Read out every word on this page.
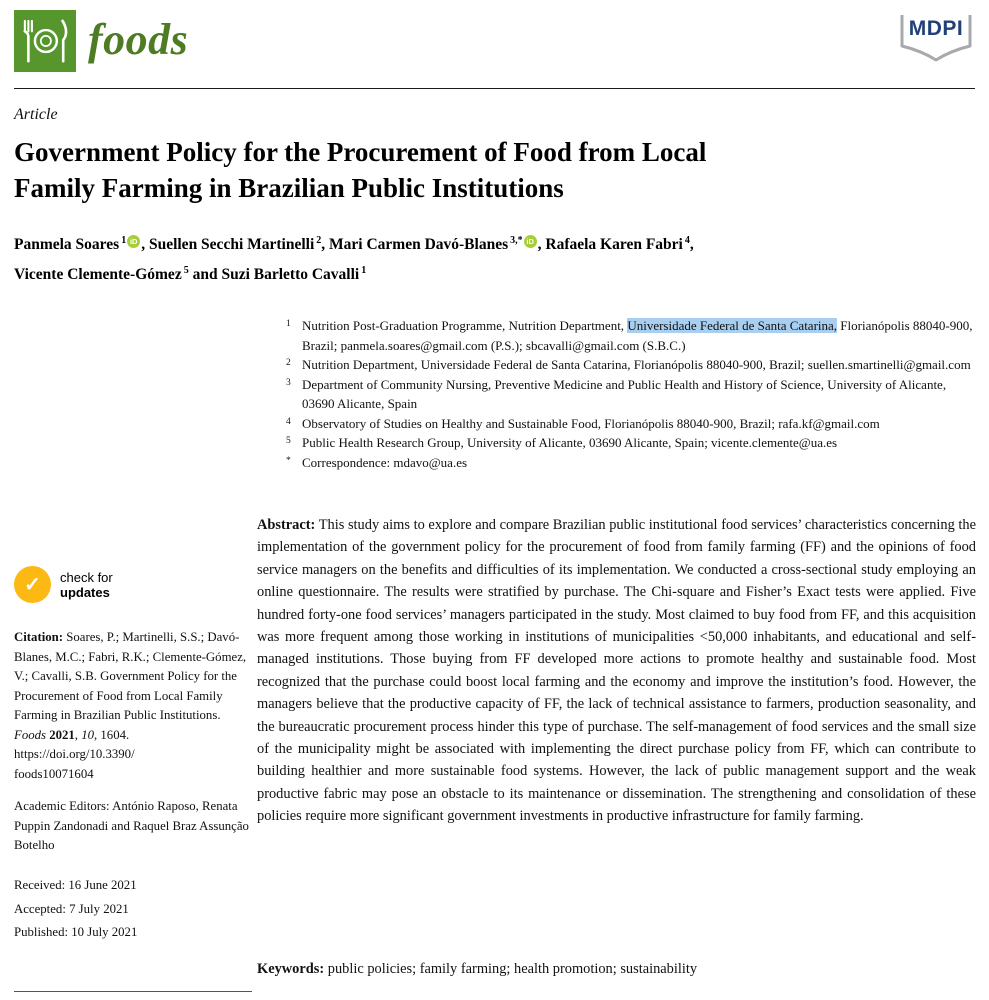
foods	MDPI
Article
Government Policy for the Procurement of Food from Local
Family Farming in Brazilian Public Institutions
Panmela Soares $^1$ iD , Suellen Secchi Martinelli $^2$, Mari Carmen Davó-Blanes $^{3,*}$ iD , Rafaela Karen Fabri $^4$,
Vicente Clemente-Gómez $^5$ and Suzi Barletto Cavalli $^1$
1 Nutrition Post-Graduation Programme, Nutrition Department, Universidade Federal de Santa Catarina, Florianópolis 88040-900, Brazil; panmela.soares@gmail.com (P.S.); sbcavalli@gmail.com (S.B.C.)
2 Nutrition Department, Universidade Federal de Santa Catarina, Florianópolis 88040-900, Brazil; suellen.smartinelli@gmail.com
3 Department of Community Nursing, Preventive Medicine and Public Health and History of Science, University of Alicante, 03690 Alicante, Spain
4 Observatory of Studies on Healthy and Sustainable Food, Florianópolis 88040-900, Brazil; rafa.kf@gmail.com
5 Public Health Research Group, University of Alicante, 03690 Alicante, Spain; vicente.clemente@ua.es
* Correspondence: mdavo@ua.es
✓	check for
updates
Citation: Soares, P.; Martinelli, S.S.; Davó-Blanes, M.C.; Fabri, R.K.; Clemente-Gómez, V.; Cavalli, S.B. Government Policy for the Procurement of Food from Local Family Farming in Brazilian Public Institutions. Foods 2021, 10, 1604.
https://doi.org/10.3390/
foods10071604
Academic Editors: António Raposo, Renata Puppin Zandonadi and Raquel Braz Assunção Botelho
Received: 16 June 2021
Accepted: 7 July 2021
Published: 10 July 2021
Abstract: This study aims to explore and compare Brazilian public institutional food services’ characteristics concerning the implementation of the government policy for the procurement of food from family farming (FF) and the opinions of food service managers on the benefits and difficulties of its implementation. We conducted a cross-sectional study employing an online questionnaire. The results were stratified by purchase. The Chi-square and Fisher’s Exact tests were applied. Five hundred forty-one food services’ managers participated in the study. Most claimed to buy food from FF, and this acquisition was more frequent among those working in institutions of municipalities <50,000 inhabitants, and educational and self-managed institutions. Those buying from FF developed more actions to promote healthy and sustainable food. Most recognized that the purchase could boost local farming and the economy and improve the institution’s food. However, the managers believe that the productive capacity of FF, the lack of technical assistance to farmers, production seasonality, and the bureaucratic procurement process hinder this type of purchase. The self-management of food services and the small size of the municipality might be associated with implementing the direct purchase policy from FF, which can contribute to building healthier and more sustainable food systems. However, the lack of public management support and the weak productive fabric may pose an obstacle to its maintenance or dissemination. The strengthening and consolidation of these policies require more significant government investments in productive infrastructure for family farming.
Keywords: public policies; family farming; health promotion; sustainability
